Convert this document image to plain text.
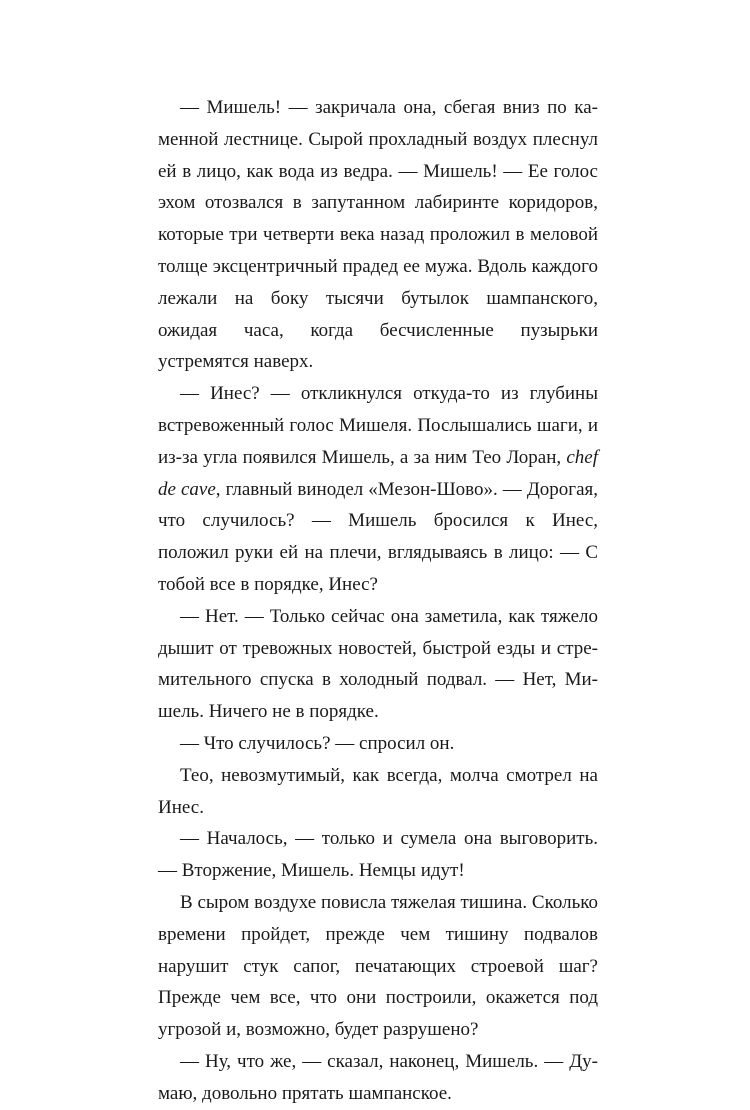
— Мишель! — закричала она, сбегая вниз по каменной лестнице. Сырой прохладный воздух плеснул ей в лицо, как вода из ведра. — Мишель! — Ее голос эхом отозвался в запутанном лабиринте коридоров, которые три четверти века назад проложил в меловой толще эксцентричный прадед ее мужа. Вдоль каждого лежали на боку тысячи бутылок шампанского, ожидая часа, когда бесчисленные пузырьки устремятся наверх.

— Инес? — откликнулся откуда-то из глубины встревоженный голос Мишеля. Послышались шаги, и из-за угла появился Мишель, а за ним Тео Лоран, chef de cave, главный винодел «Мезон-Шово». — Дорогая, что случилось? — Мишель бросился к Инес, положил руки ей на плечи, вглядываясь в лицо: — С тобой все в порядке, Инес?

— Нет. — Только сейчас она заметила, как тяжело дышит от тревожных новостей, быстрой езды и стремительного спуска в холодный подвал. — Нет, Мишель. Ничего не в порядке.

— Что случилось? — спросил он.

Тео, невозмутимый, как всегда, молча смотрел на Инес.

— Началось, — только и сумела она выговорить. — Вторжение, Мишель. Немцы идут!

В сыром воздухе повисла тяжелая тишина. Сколько времени пройдет, прежде чем тишину подвалов нарушит стук сапог, печатающих строевой шаг? Прежде чем все, что они построили, окажется под угрозой и, возможно, будет разрушено?

— Ну, что же, — сказал, наконец, Мишель. — Думаю, довольно прятать шампанское.
